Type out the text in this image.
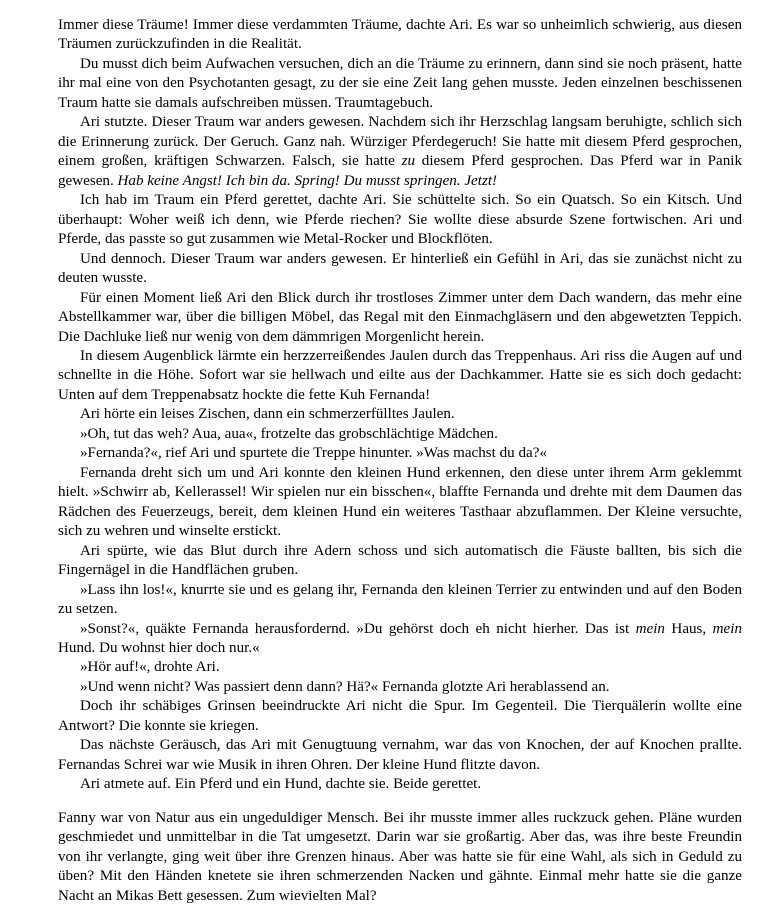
Immer diese Träume! Immer diese verdammten Träume, dachte Ari. Es war so unheimlich schwierig, aus diesen Träumen zurückzufinden in die Realität.

Du musst dich beim Aufwachen versuchen, dich an die Träume zu erinnern, dann sind sie noch präsent, hatte ihr mal eine von den Psychotanten gesagt, zu der sie eine Zeit lang gehen musste. Jeden einzelnen beschissenen Traum hatte sie damals aufschreiben müssen. Traumtagebuch.

Ari stutzte. Dieser Traum war anders gewesen. Nachdem sich ihr Herzschlag langsam beruhigte, schlich sich die Erinnerung zurück. Der Geruch. Ganz nah. Würziger Pferdegeruch! Sie hatte mit diesem Pferd gesprochen, einem großen, kräftigen Schwarzen. Falsch, sie hatte zu diesem Pferd gesprochen. Das Pferd war in Panik gewesen. Hab keine Angst! Ich bin da. Spring! Du musst springen. Jetzt!

Ich hab im Traum ein Pferd gerettet, dachte Ari. Sie schüttelte sich. So ein Quatsch. So ein Kitsch. Und überhaupt: Woher weiß ich denn, wie Pferde riechen? Sie wollte diese absurde Szene fortwischen. Ari und Pferde, das passte so gut zusammen wie Metal-Rocker und Blockflöten.

Und dennoch. Dieser Traum war anders gewesen. Er hinterließ ein Gefühl in Ari, das sie zunächst nicht zu deuten wusste.

Für einen Moment ließ Ari den Blick durch ihr trostloses Zimmer unter dem Dach wandern, das mehr eine Abstellkammer war, über die billigen Möbel, das Regal mit den Einmachgläsern und den abgewetzten Teppich. Die Dachluke ließ nur wenig von dem dämmrigen Morgenlicht herein.

In diesem Augenblick lärmte ein herzzerreißendes Jaulen durch das Treppenhaus. Ari riss die Augen auf und schnellte in die Höhe. Sofort war sie hellwach und eilte aus der Dachkammer. Hatte sie es sich doch gedacht: Unten auf dem Treppenabsatz hockte die fette Kuh Fernanda!

Ari hörte ein leises Zischen, dann ein schmerzerfülltes Jaulen.

»Oh, tut das weh? Aua, aua«, frotzelte das grobschlächtige Mädchen.

»Fernanda?«, rief Ari und spurtete die Treppe hinunter. »Was machst du da?«

Fernanda dreht sich um und Ari konnte den kleinen Hund erkennen, den diese unter ihrem Arm geklemmt hielt. »Schwirr ab, Kellerassel! Wir spielen nur ein bisschen«, blaffte Fernanda und drehte mit dem Daumen das Rädchen des Feuerzeugs, bereit, dem kleinen Hund ein weiteres Tasthaar abzuflammen. Der Kleine versuchte, sich zu wehren und winselte erstickt.

Ari spürte, wie das Blut durch ihre Adern schoss und sich automatisch die Fäuste ballten, bis sich die Fingernägel in die Handflächen gruben.

»Lass ihn los!«, knurrte sie und es gelang ihr, Fernanda den kleinen Terrier zu entwinden und auf den Boden zu setzen.

»Sonst?«, quäkte Fernanda herausfordernd. »Du gehörst doch eh nicht hierher. Das ist mein Haus, mein Hund. Du wohnst hier doch nur.«

»Hör auf!«, drohte Ari.

»Und wenn nicht? Was passiert denn dann? Hä?« Fernanda glotzte Ari herablassend an.

Doch ihr schäbiges Grinsen beeindruckte Ari nicht die Spur. Im Gegenteil. Die Tierquälerin wollte eine Antwort? Die konnte sie kriegen.

Das nächste Geräusch, das Ari mit Genugtuung vernahm, war das von Knochen, der auf Knochen prallte. Fernandas Schrei war wie Musik in ihren Ohren. Der kleine Hund flitzte davon.

Ari atmete auf. Ein Pferd und ein Hund, dachte sie. Beide gerettet.

Fanny war von Natur aus ein ungeduldiger Mensch. Bei ihr musste immer alles ruckzuck gehen. Pläne wurden geschmiedet und unmittelbar in die Tat umgesetzt. Darin war sie großartig. Aber das, was ihre beste Freundin von ihr verlangte, ging weit über ihre Grenzen hinaus. Aber was hatte sie für eine Wahl, als sich in Geduld zu üben? Mit den Händen knetete sie ihren schmerzenden Nacken und gähnte. Einmal mehr hatte sie die ganze Nacht an Mikas Bett gesessen. Zum wievielten Mal?
